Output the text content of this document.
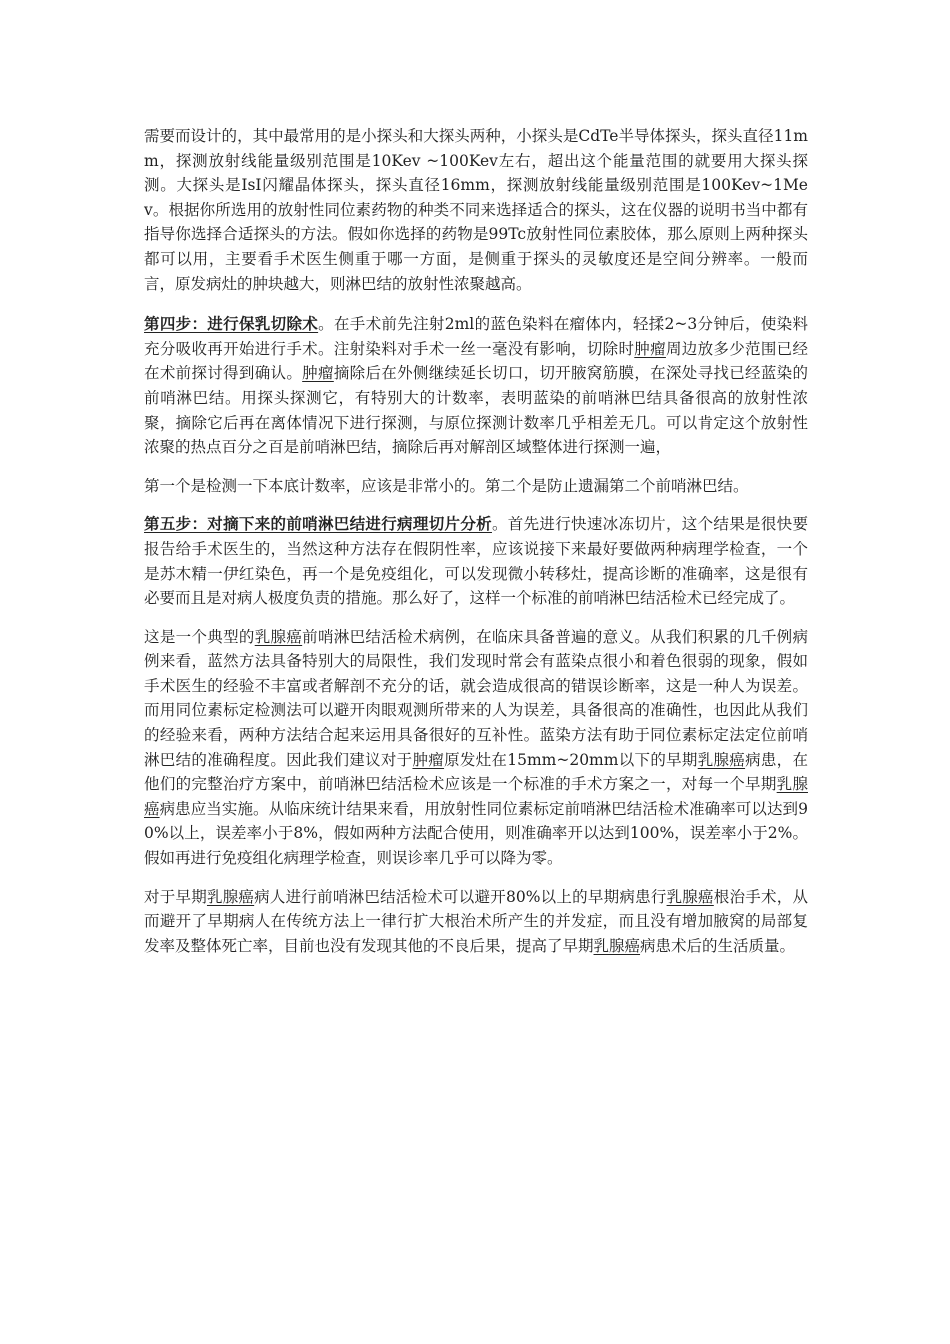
需要而设计的，其中最常用的是小探头和大探头两种，小探头是CdTe半导体探头，探头直径11mm，探测放射线能量级别范围是10Kev ~100Kev左右，超出这个能量范围的就要用大探头探测。大探头是IsI闪耀晶体探头，探头直径16mm，探测放射线能量级别范围是100Kev~1Mev。根据你所选用的放射性同位素药物的种类不同来选择适合的探头，这在仪器的说明书当中都有指导你选择合适探头的方法。假如你选择的药物是99Tc放射性同位素胶体，那么原则上两种探头都可以用，主要看手术医生侧重于哪一方面，是侧重于探头的灵敏度还是空间分辨率。一般而言，原发病灶的肿块越大，则淋巴结的放射性浓聚越高。

第四步：进行保乳切除术。在手术前先注射2ml的蓝色染料在瘤体内，轻揉2~3分钟后，使染料充分吸收再开始进行手术。注射染料对手术一丝一毫没有影响，切除时肿瘤周边放多少范围已经在术前探讨得到确认。肿瘤摘除后在外侧继续延长切口，切开腋窝筋膜，在深处寻找已经蓝染的前哨淋巴结。用探头探测它，有特别大的计数率，表明蓝染的前哨淋巴结具备很高的放射性浓聚，摘除它后再在离体情况下进行探测，与原位探测计数率几乎相差无几。可以肯定这个放射性浓聚的热点百分之百是前哨淋巴结，摘除后再对解剖区域整体进行探测一遍，

第一个是检测一下本底计数率，应该是非常小的。第二个是防止遗漏第二个前哨淋巴结。

第五步：对摘下来的前哨淋巴结进行病理切片分析。首先进行快速冰冻切片，这个结果是很快要报告给手术医生的，当然这种方法存在假阴性率，应该说接下来最好要做两种病理学检查，一个是苏木精一伊红染色，再一个是免疫组化，可以发现微小转移灶，提高诊断的准确率，这是很有必要而且是对病人极度负责的措施。那么好了，这样一个标准的前哨淋巴结活检术已经完成了。

这是一个典型的乳腺癌前哨淋巴结活检术病例，在临床具备普遍的意义。从我们积累的几千例病例来看，蓝然方法具备特别大的局限性，我们发现时常会有蓝染点很小和着色很弱的现象，假如手术医生的经验不丰富或者解剖不充分的话，就会造成很高的错误诊断率，这是一种人为误差。而用同位素标定检测法可以避开肉眼观测所带来的人为误差，具备很高的准确性，也因此从我们的经验来看，两种方法结合起来运用具备很好的互补性。蓝染方法有助于同位素标定法定位前哨淋巴结的准确程度。因此我们建议对于肿瘤原发灶在15mm~20mm以下的早期乳腺癌病患，在他们的完整治疗方案中，前哨淋巴结活检术应该是一个标准的手术方案之一，对每一个早期乳腺癌病患应当实施。从临床统计结果来看，用放射性同位素标定前哨淋巴结活检术准确率可以达到90%以上，误差率小于8%，假如两种方法配合使用，则准确率开以达到100%，误差率小于2%。假如再进行免疫组化病理学检查，则误诊率几乎可以降为零。

对于早期乳腺癌病人进行前哨淋巴结活检术可以避开80%以上的早期病患行乳腺癌根治手术，从而避开了早期病人在传统方法上一律行扩大根治术所产生的并发症，而且没有增加腋窝的局部复发率及整体死亡率，目前也没有发现其他的不良后果，提高了早期乳腺癌病患术后的生活质量。
